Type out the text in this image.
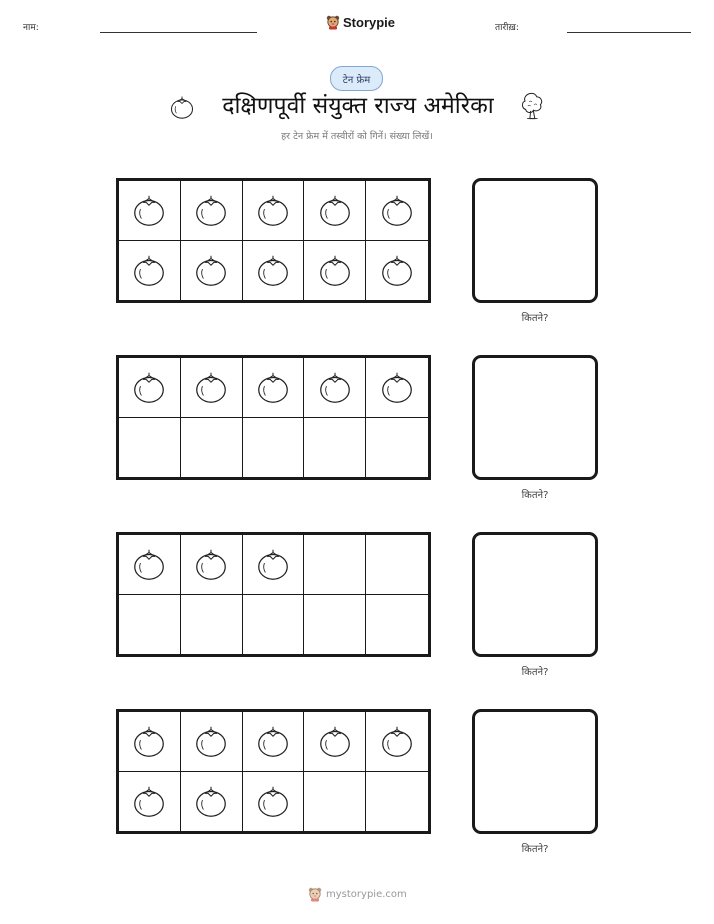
नाम:	Storypie	तारीख़:
टेन फ्रेम
दक्षिणपूर्वी संयुक्त राज्य अमेरिका
हर टेन फ्रेम में तस्वीरों को गिनें। संख्या लिखें।
कितने?
कितने?
कितने?
कितने?
mystorypie.com
